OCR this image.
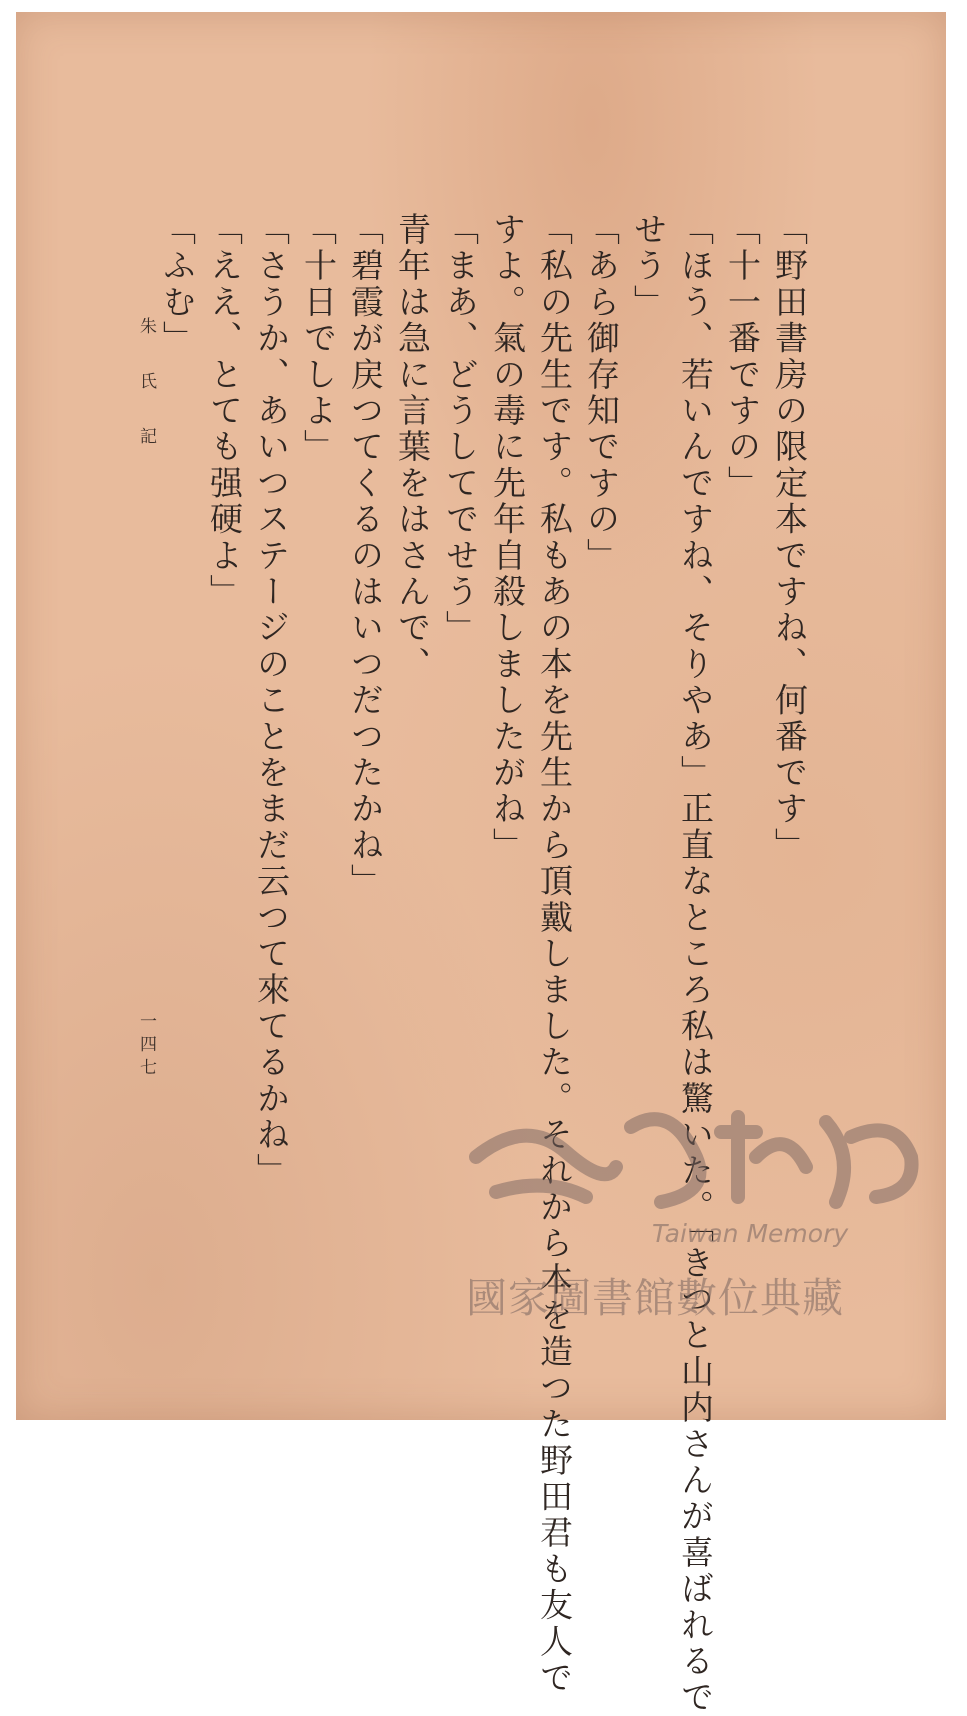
「野田書房の限定本ですね、何番です」
「十一番ですの」
「ほう、若いんですね、そりやあ」正直なところ私は驚いた。「きつと山内さんが喜ばれるで
せう」
「あら御存知ですの」
「私の先生です。私もあの本を先生から頂戴しました。それから本を造つた野田君も友人で
すよ。氣の毒に先年自殺しましたがね」
「まあ、どうしてでせう」
青年は急に言葉をはさんで、
「碧霞が戻つてくるのはいつだつたかね」
「十日でしよ」
「さうか、あいつステージのことをまだ云つて來てるかね」
「ええ、とても强硬よ」
「ふむ」
朱氏記
一四七
臺灣記憶
Taiwan Memory
國家圖書館數位典藏
